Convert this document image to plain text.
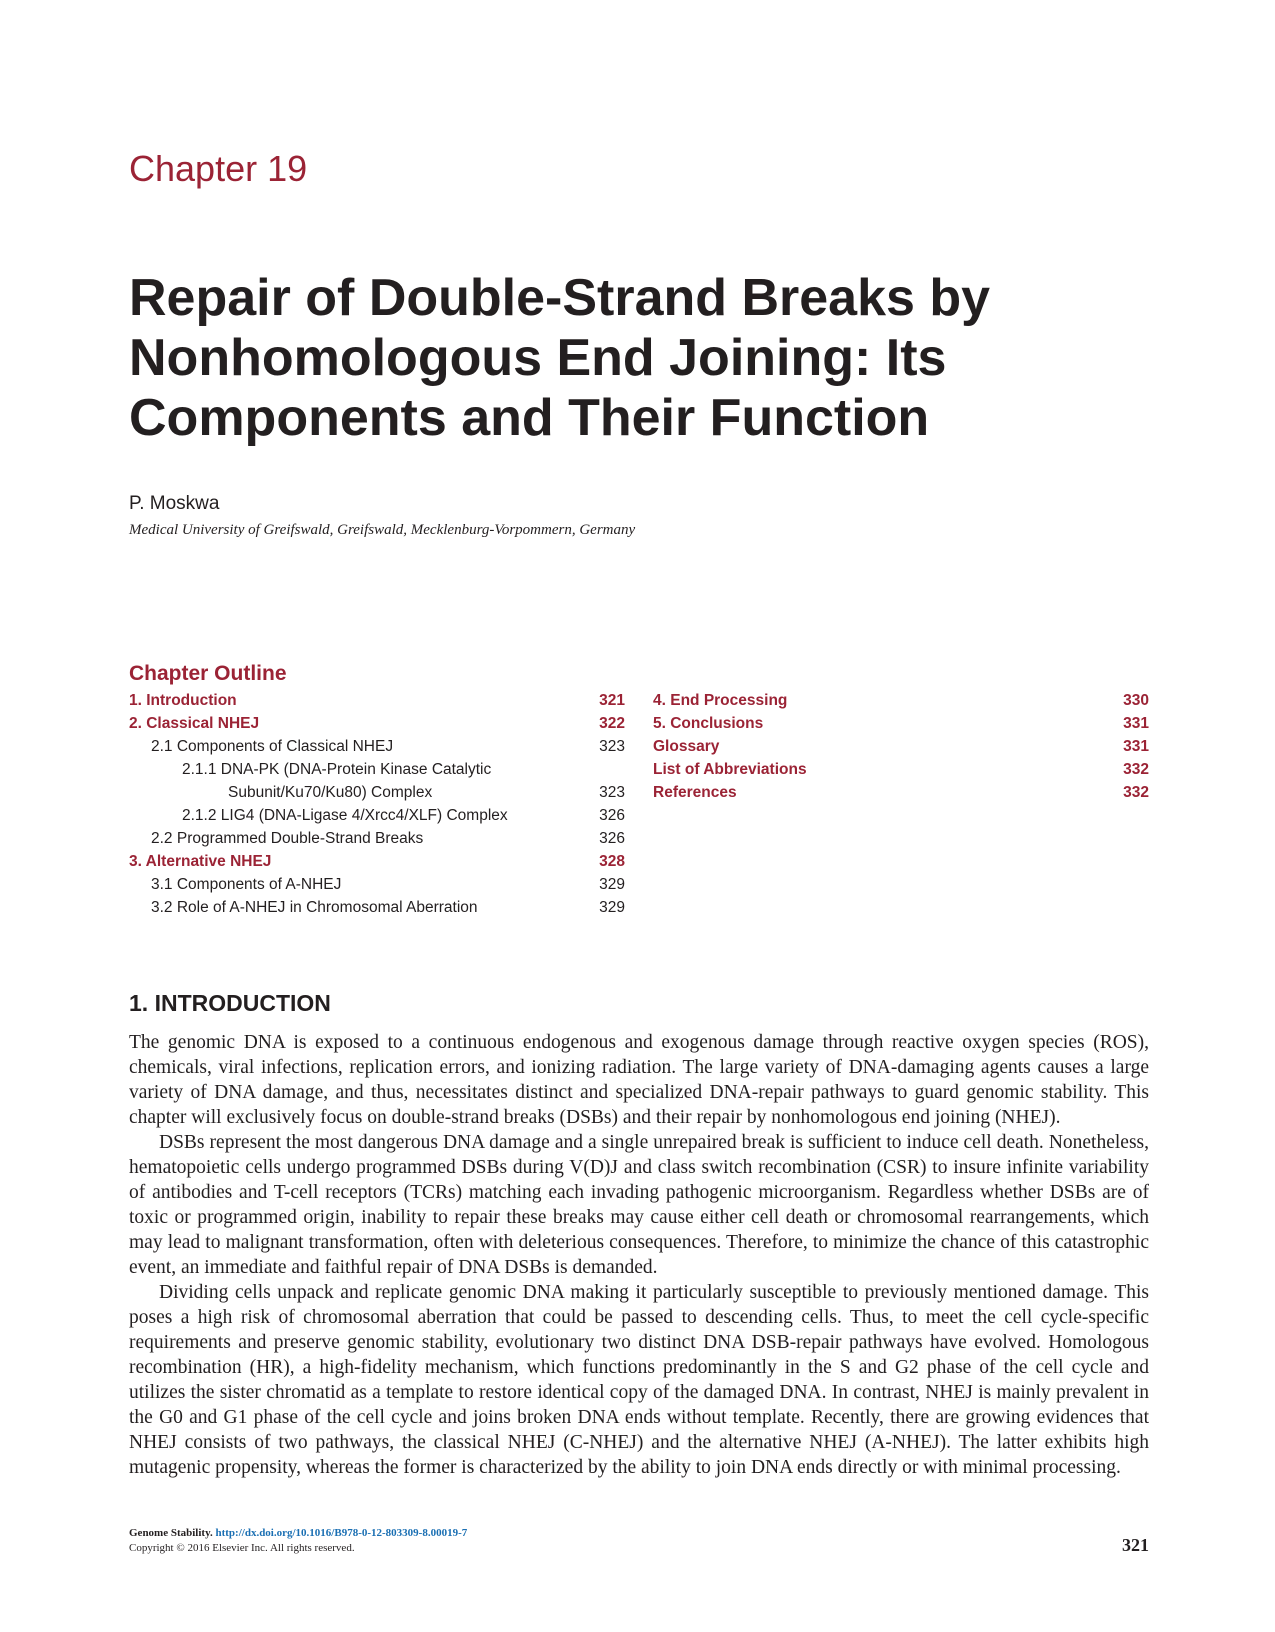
Chapter 19
Repair of Double-Strand Breaks by
Nonhomologous End Joining: Its
Components and Their Function
P. Moskwa
Medical University of Greifswald, Greifswald, Mecklenburg-Vorpommern, Germany
Chapter Outline
1. Introduction	321
2. Classical NHEJ	322
2.1 Components of Classical NHEJ	323
2.1.1 DNA-PK (DNA-Protein Kinase Catalytic
Subunit/Ku70/Ku80) Complex	323
2.1.2 LIG4 (DNA-Ligase 4/Xrcc4/XLF) Complex	326
2.2 Programmed Double-Strand Breaks	326
3. Alternative NHEJ	328
3.1 Components of A-NHEJ	329
3.2 Role of A-NHEJ in Chromosomal Aberration	329
4. End Processing	330
5. Conclusions	331
Glossary	331
List of Abbreviations	332
References	332
1. INTRODUCTION

The genomic DNA is exposed to a continuous endogenous and exogenous damage through reactive oxygen species (ROS), chemicals, viral infections, replication errors, and ionizing radiation. The large variety of DNA-damaging agents causes a large variety of DNA damage, and thus, necessitates distinct and specialized DNA-repair pathways to guard genomic stability. This chapter will exclusively focus on double-strand breaks (DSBs) and their repair by nonhomologous end joining (NHEJ).

DSBs represent the most dangerous DNA damage and a single unrepaired break is sufficient to induce cell death. Nonetheless, hematopoietic cells undergo programmed DSBs during V(D)J and class switch recombination (CSR) to insure infinite variability of antibodies and T-cell receptors (TCRs) matching each invading pathogenic microorganism. Regardless whether DSBs are of toxic or programmed origin, inability to repair these breaks may cause either cell death or chromosomal rearrangements, which may lead to malignant transformation, often with deleterious consequences. Therefore, to minimize the chance of this catastrophic event, an immediate and faithful repair of DNA DSBs is demanded.

Dividing cells unpack and replicate genomic DNA making it particularly susceptible to previously mentioned damage. This poses a high risk of chromosomal aberration that could be passed to descending cells. Thus, to meet the cell cycle-specific requirements and preserve genomic stability, evolutionary two distinct DNA DSB-repair pathways have evolved. Homologous recombination (HR), a high-fidelity mechanism, which functions predominantly in the S and G2 phase of the cell cycle and utilizes the sister chromatid as a template to restore identical copy of the damaged DNA. In contrast, NHEJ is mainly prevalent in the G0 and G1 phase of the cell cycle and joins broken DNA ends without template. Recently, there are growing evidences that NHEJ consists of two pathways, the classical NHEJ (C-NHEJ) and the alternative NHEJ (A-NHEJ). The latter exhibits high mutagenic propensity, whereas the former is characterized by the ability to join DNA ends directly or with minimal processing.

Genome Stability. http://dx.doi.org/10.1016/B978-0-12-803309-8.00019-7
Copyright © 2016 Elsevier Inc. All rights reserved.	321
